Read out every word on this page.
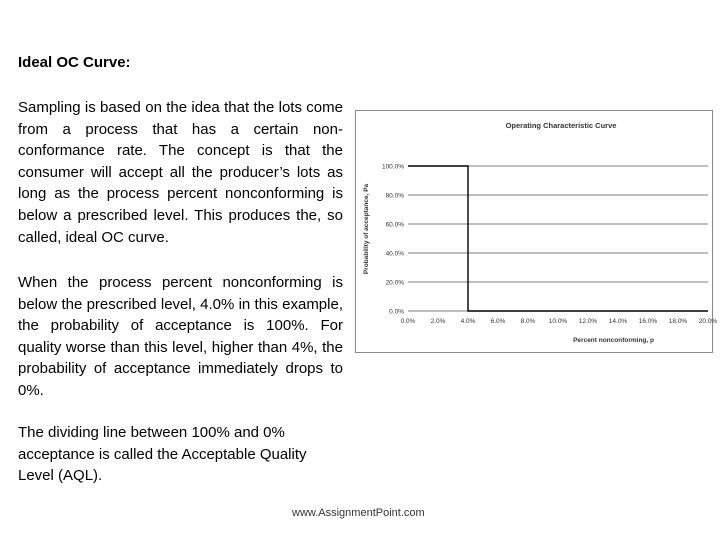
Ideal OC Curve:
Sampling is based on the idea that the lots come from a process that has a certain non-conformance rate. The concept is that the consumer will accept all the producer’s lots as long as the process percent nonconforming is below a prescribed level. This produces the, so called, ideal OC curve.
When the process percent nonconforming is below the prescribed level, 4.0% in this example, the probability of acceptance is 100%. For quality worse than this level, higher than 4%, the probability of acceptance immediately drops to 0%.
The dividing line between 100% and 0% acceptance is called the Acceptable Quality Level (AQL).
Operating Characteristic Curve
0.0%
20.0%
40.0%
60.0%
80.0%
100.0%
0.0% 2.0% 4.0% 6.0% 8.0% 10.0% 12.0% 14.0% 16.0% 18.0% 20.0%
Percent nonconforming, p
Probability of acceptance, Pa
www.AssignmentPoint.com
